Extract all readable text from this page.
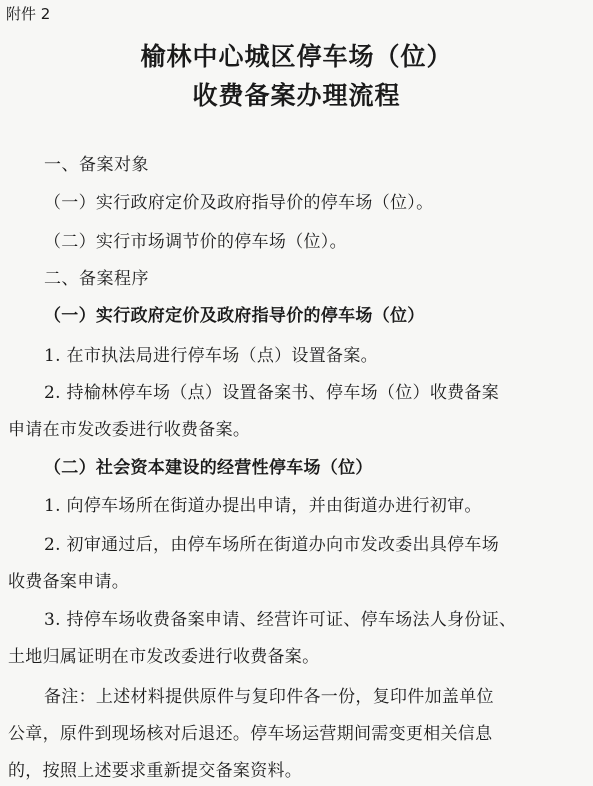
附件 2
榆林中心城区停车场（位）
收费备案办理流程
一、备案对象
（一）实行政府定价及政府指导价的停车场（位）。
（二）实行市场调节价的停车场（位）。
二、备案程序
（一）实行政府定价及政府指导价的停车场（位）
1. 在市执法局进行停车场（点）设置备案。
2. 持榆林停车场（点）设置备案书、停车场（位）收费备案
申请在市发改委进行收费备案。
（二）社会资本建设的经营性停车场（位）
1. 向停车场所在街道办提出申请，并由街道办进行初审。
2. 初审通过后，由停车场所在街道办向市发改委出具停车场
收费备案申请。
3. 持停车场收费备案申请、经营许可证、停车场法人身份证、
土地归属证明在市发改委进行收费备案。
备注：上述材料提供原件与复印件各一份，复印件加盖单位
公章，原件到现场核对后退还。停车场运营期间需变更相关信息
的，按照上述要求重新提交备案资料。
